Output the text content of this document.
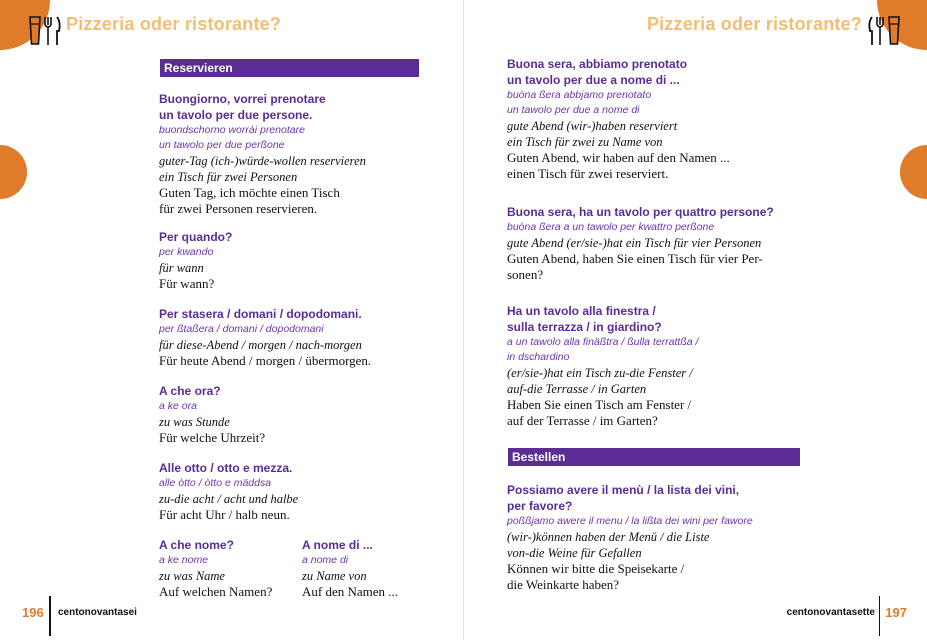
Pizzeria oder ristorante?
Reservieren
Buongiorno, vorrei prenotare
un tavolo per due persone.
buondschorno worrài prenotare
un tawolo per due perßone
guter-Tag (ich-)würde-wollen reservieren
ein Tisch für zwei Personen
Guten Tag, ich möchte einen Tisch
für zwei Personen reservieren.
Per quando?
per kwando
für wann
Für wann?
Per stasera / domani / dopodomani.
per ßtaßera / domani / dopodomani
für diese-Abend / morgen / nach-morgen
Für heute Abend / morgen / übermorgen.
A che ora?
a ke ora
zu was Stunde
Für welche Uhrzeit?
Alle otto / otto e mezza.
alle òtto / òtto e mäddsa
zu-die acht / acht und halbe
Für acht Uhr / halb neun.
A che nome?
a ke nome
zu was Name
Auf welchen Namen?
A nome di ...
a nome di
zu Name von
Auf den Namen ...
196 centonovantasei
Pizzeria oder ristorante?
Buona sera, abbiamo prenotato
un tavolo per due a nome di ...
buòna ßera abbjamo prenotato
un tawolo per due a nome di
gute Abend (wir-)haben reserviert
ein Tisch für zwei zu Name von
Guten Abend, wir haben auf den Namen ...
einen Tisch für zwei reserviert.
Buona sera, ha un tavolo per quattro persone?
buòna ßera a un tawolo per kwattro perßone
gute Abend (er/sie-)hat ein Tisch für vier Personen
Guten Abend, haben Sie einen Tisch für vier Per-
sonen?
Ha un tavolo alla finestra /
sulla terrazza / in giardino?
a un tawolo alla finäßtra / ßulla terrattßa /
in dschardino
(er/sie-)hat ein Tisch zu-die Fenster /
auf-die Terrasse / in Garten
Haben Sie einen Tisch am Fenster /
auf der Terrasse / im Garten?
Bestellen
Possiamo avere il menù / la lista dei vini,
per favore?
poßßjamo awere il menu / la lißta dei wini per fawore
(wir-)können haben der Menü / die Liste
von-die Weine für Gefallen
Können wir bitte die Speisekarte /
die Weinkarte haben?
centonovantasette 197
